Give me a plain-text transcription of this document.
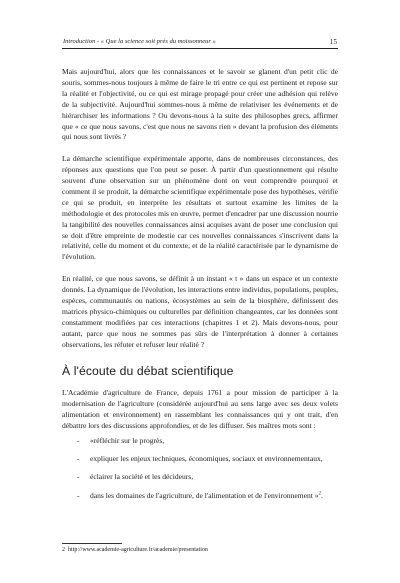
Introduction - « Que la science soit près du moissonneur »	15

Mais aujourd'hui, alors que les connaissances et le savoir se glanent d'un petit clic de souris, sommes-nous toujours à même de faire le tri entre ce qui est pertinent et repose sur la réalité et l'objectivité, ou ce qui est mirage propagé pour créer une adhésion qui relève de la subjectivité. Aujourd'hui sommes-nous à même de relativiser les événements et de hiérarchiser les informations ? Ou devons-nous à la suite des philosophes grecs, affirmer que « ce que nous savons, c'est que nous ne savons rien » devant la profusion des éléments qui nous sont livrés ?

La démarche scientifique expérimentale apporte, dans de nombreuses circonstances, des réponses aux questions que l'on peut se poser. À partir d'un questionnement qui résulte souvent d'une observation sur un phénomène dont on veut comprendre pourquoi et comment il se produit, la démarche scientifique expérimentale pose des hypothèses, vérifie ce qui se produit, en interprète les résultats et surtout examine les limites de la méthodologie et des protocoles mis en œuvre, permet d'encadrer par une discussion nourrie la tangibilité des nouvelles connaissances ainsi acquises avant de poser une conclusion qui se doit d'être empreinte de modestie car ces nouvelles connaissances s'inscrivent dans la relativité, celle du moment et du contexte, et de la réalité caractérisée par le dynamisme de l'évolution.

En réalité, ce que nous savons, se définit à un instant « t » dans un espace et un contexte donnés. La dynamique de l'évolution, les interactions entre individus, populations, peuples, espèces, communautés ou nations, écosystèmes au sein de la biosphère, définissent des matrices physico-chimiques ou culturelles par définition changeantes, car les données sont constamment modifiées par ces interactions (chapitres 1 et 2). Mais devons-nous, pour autant, parce que nous ne sommes pas sûrs de l'interprétation à donner à certaines observations, les réfuter et refuser leur réalité ?

À l'écoute du débat scientifique

L'Académie d'agriculture de France, depuis 1761 a pour mission de participer à la modernisation de l'agriculture (considérée aujourd'hui au sens large avec ses deux volets alimentation et environnement) en rassemblant les connaissances qui y ont trait, d'en débattre lors des discussions approfondies, et de les diffuser. Ses maîtres mots sont :

- «réfléchir sur le progrès,
- expliquer les enjeux techniques, économiques, sociaux et environnementaux,
- éclairer la société et les décideurs,
- dans les domaines de l'agriculture, de l'alimentation et de l'environnement »$^2$.
2 http://www.academie-agriculture.fr/academie/presentation
